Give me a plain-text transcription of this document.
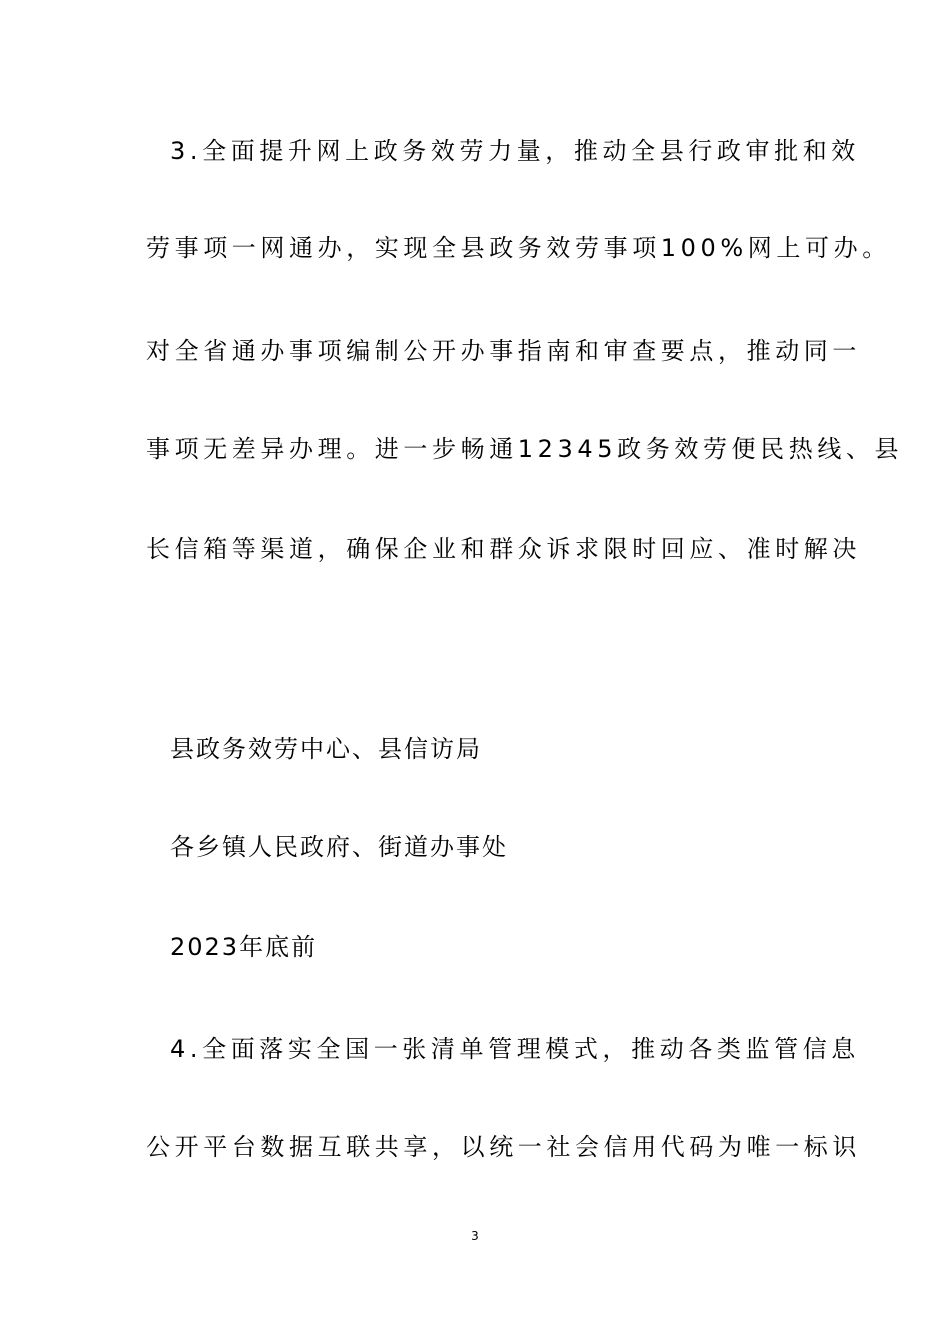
3.全面提升网上政务效劳力量，推动全县行政审批和效
劳事项一网通办，实现全县政务效劳事项100%网上可办。
对全省通办事项编制公开办事指南和审查要点，推动同一
事项无差异办理。进一步畅通12345政务效劳便民热线、县
长信箱等渠道，确保企业和群众诉求限时回应、准时解决
县政务效劳中心、县信访局
各乡镇人民政府、街道办事处
2023年底前
4.全面落实全国一张清单管理模式，推动各类监管信息
公开平台数据互联共享，以统一社会信用代码为唯一标识
3
